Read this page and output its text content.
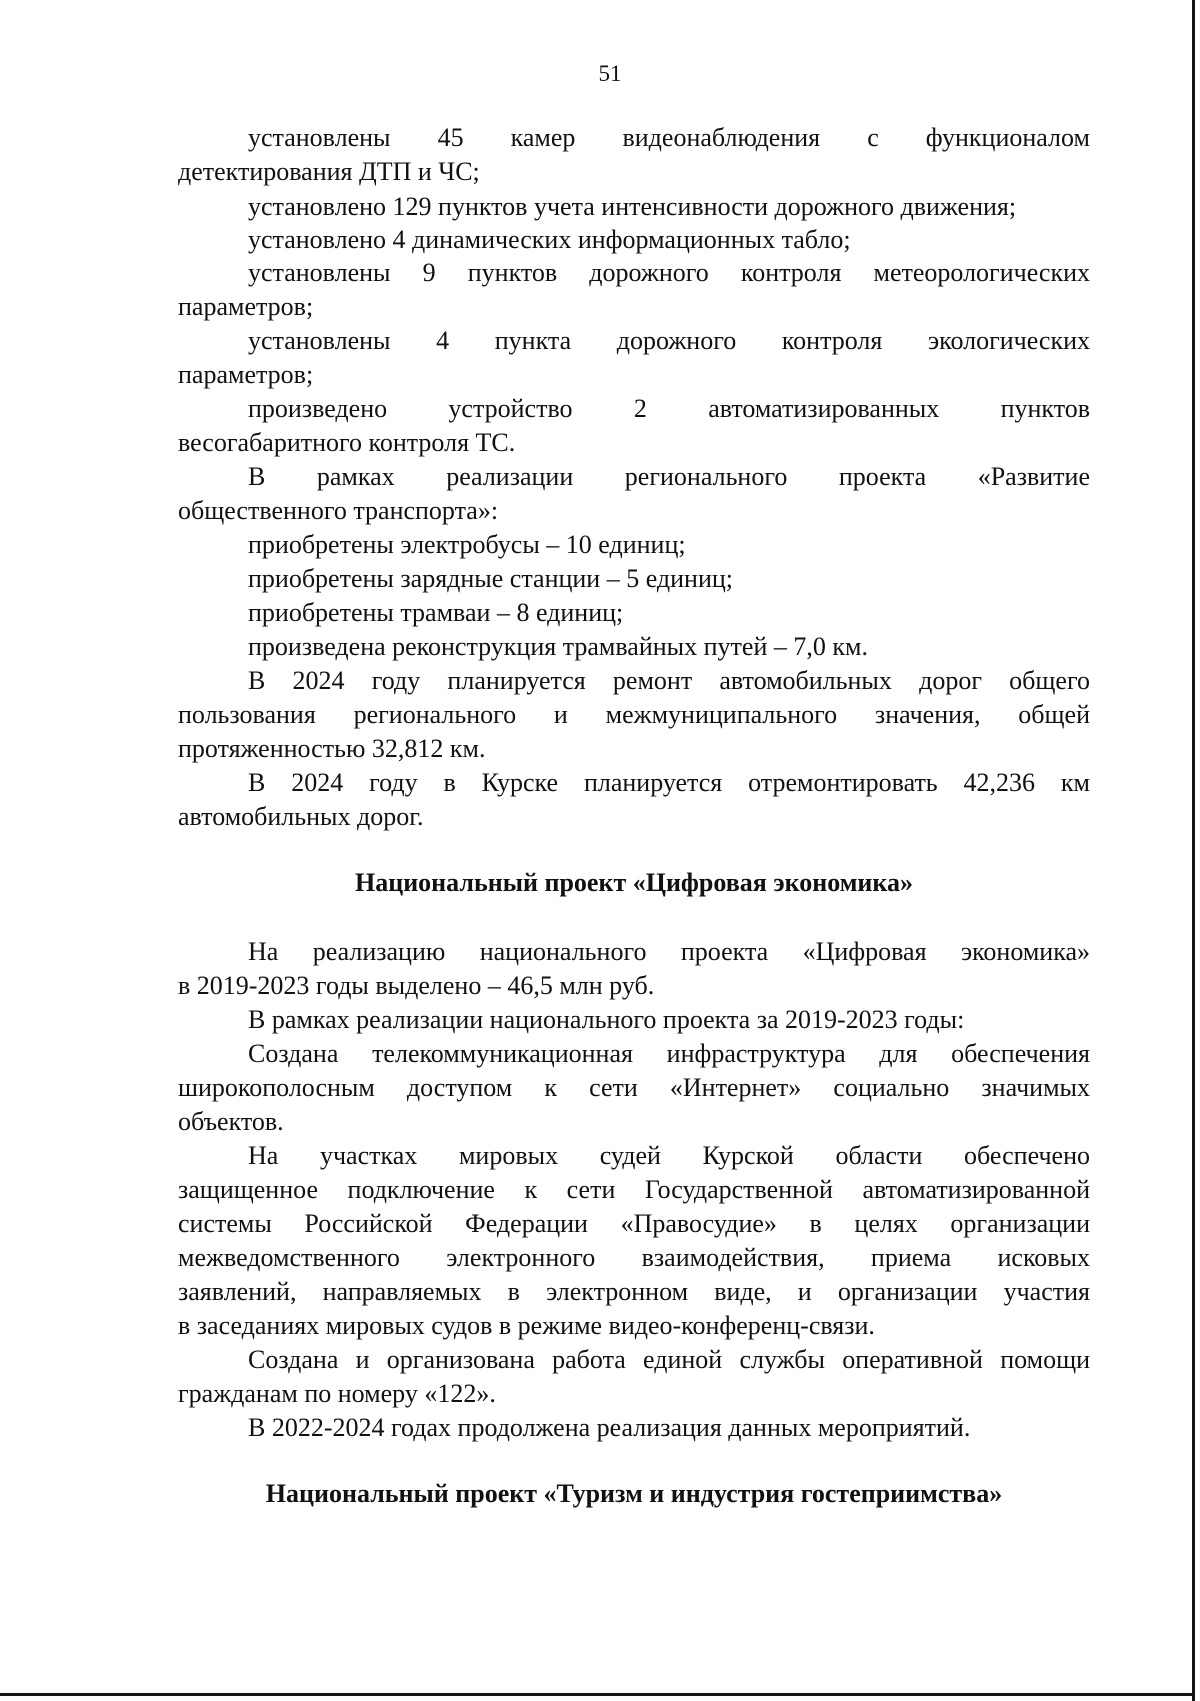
51
установлены 45 камер видеонаблюдения с функционалом
детектирования ДТП и ЧС;
установлено 129 пунктов учета интенсивности дорожного движения;
установлено 4 динамических информационных табло;
установлены 9 пунктов дорожного контроля метеорологических
параметров;
установлены 4 пункта дорожного контроля экологических
параметров;
произведено устройство 2 автоматизированных пунктов
весогабаритного контроля ТС.
В рамках реализации регионального проекта «Развитие
общественного транспорта»:
приобретены электробусы – 10 единиц;
приобретены зарядные станции – 5 единиц;
приобретены трамваи – 8 единиц;
произведена реконструкция трамвайных путей – 7,0 км.
В 2024 году планируется ремонт автомобильных дорог общего
пользования регионального и межмуниципального значения, общей
протяженностью 32,812 км.
В 2024 году в Курске планируется отремонтировать 42,236 км
автомобильных дорог.
Национальный проект «Цифровая экономика»
На реализацию национального проекта «Цифровая экономика»
в 2019-2023 годы выделено – 46,5 млн руб.
В рамках реализации национального проекта за 2019-2023 годы:
Создана телекоммуникационная инфраструктура для обеспечения
широкополосным доступом к сети «Интернет» социально значимых
объектов.
На участках мировых судей Курской области обеспечено
защищенное подключение к сети Государственной автоматизированной
системы Российской Федерации «Правосудие» в целях организации
межведомственного электронного взаимодействия, приема исковых
заявлений, направляемых в электронном виде, и организации участия
в заседаниях мировых судов в режиме видео-конференц-связи.
Создана и организована работа единой службы оперативной помощи
гражданам по номеру «122».
В 2022-2024 годах продолжена реализация данных мероприятий.
Национальный проект «Туризм и индустрия гостеприимства»
